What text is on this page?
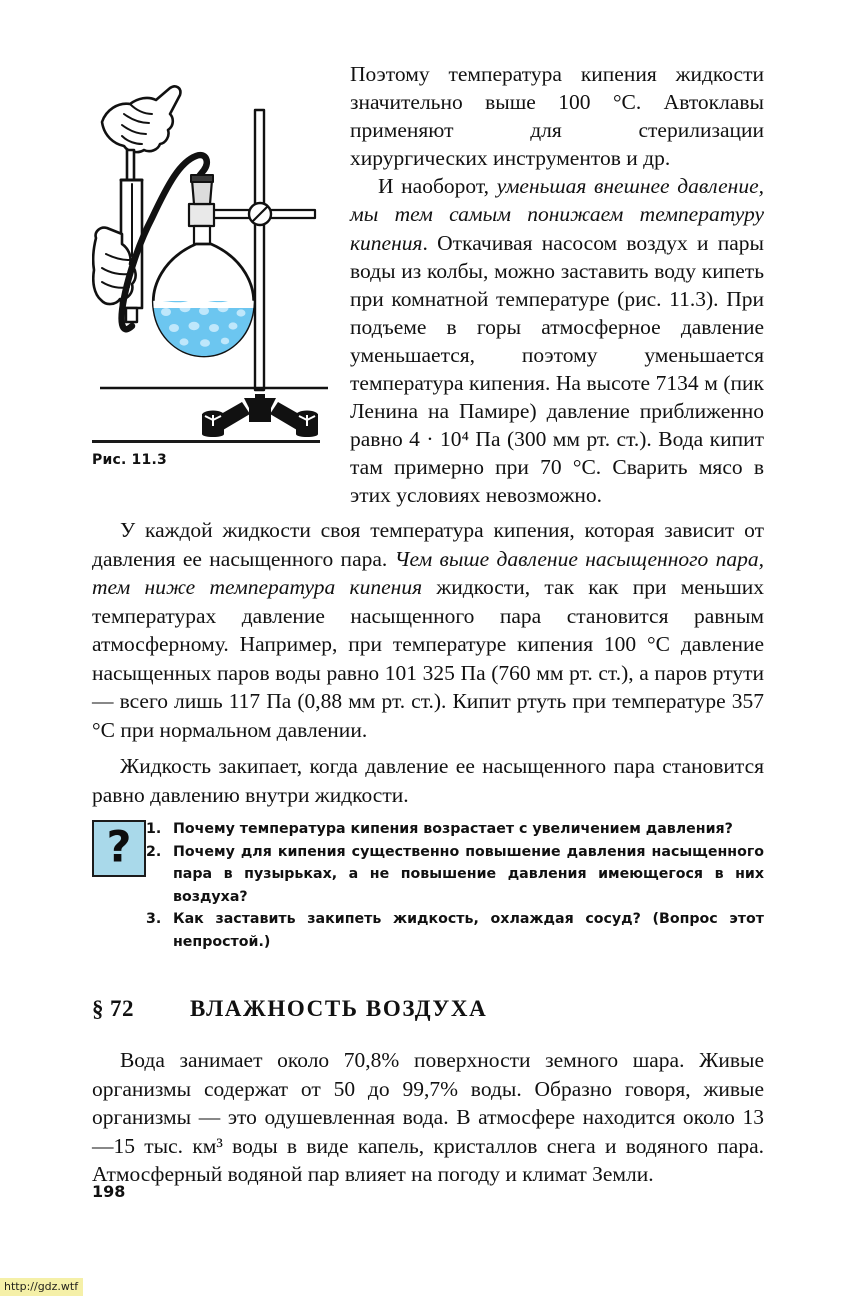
Рис. 11.3

Поэтому температура кипения жидкости значительно выше 100 °C. Автоклавы применяют для стерилизации хирургических инструментов и др.

И наоборот, уменьшая внешнее давление, мы тем самым понижаем температуру кипения. Откачивая насосом воздух и пары воды из колбы, можно заставить воду кипеть при комнатной температуре (рис. 11.3). При подъеме в горы атмосферное давление уменьшается, поэтому уменьшается температура кипения. На высоте 7134 м (пик Ленина на Памире) давление приближенно равно 4 · 10⁴ Па (300 мм рт. ст.). Вода кипит там примерно при 70 °C. Сварить мясо в этих условиях невозможно.

У каждой жидкости своя температура кипения, которая зависит от давления ее насыщенного пара. Чем выше давление насыщенного пара, тем ниже температура кипения жидкости, так как при меньших температурах давление насыщенного пара становится равным атмосферному. Например, при температуре кипения 100 °C давление насыщенных паров воды равно 101 325 Па (760 мм рт. ст.), а паров ртути — всего лишь 117 Па (0,88 мм рт. ст.). Кипит ртуть при температуре 357 °C при нормальном давлении.

Жидкость закипает, когда давление ее насыщенного пара становится равно давлению внутри жидкости.

?	1. Почему температура кипения возрастает с увеличением давления?
2. Почему для кипения существенно повышение давления насыщенного пара в пузырьках, а не повышение давления имеющегося в них воздуха?
3. Как заставить закипеть жидкость, охлаждая сосуд? (Вопрос этот непростой.)
§ 72	ВЛАЖНОСТЬ ВОЗДУХА

Вода занимает около 70,8% поверхности земного шара. Живые организмы содержат от 50 до 99,7% воды. Образно говоря, живые организмы — это одушевленная вода. В атмосфере находится около 13—15 тыс. км³ воды в виде капель, кристаллов снега и водяного пара. Атмосферный водяной пар влияет на погоду и климат Земли.

198
http://gdz.wtf
